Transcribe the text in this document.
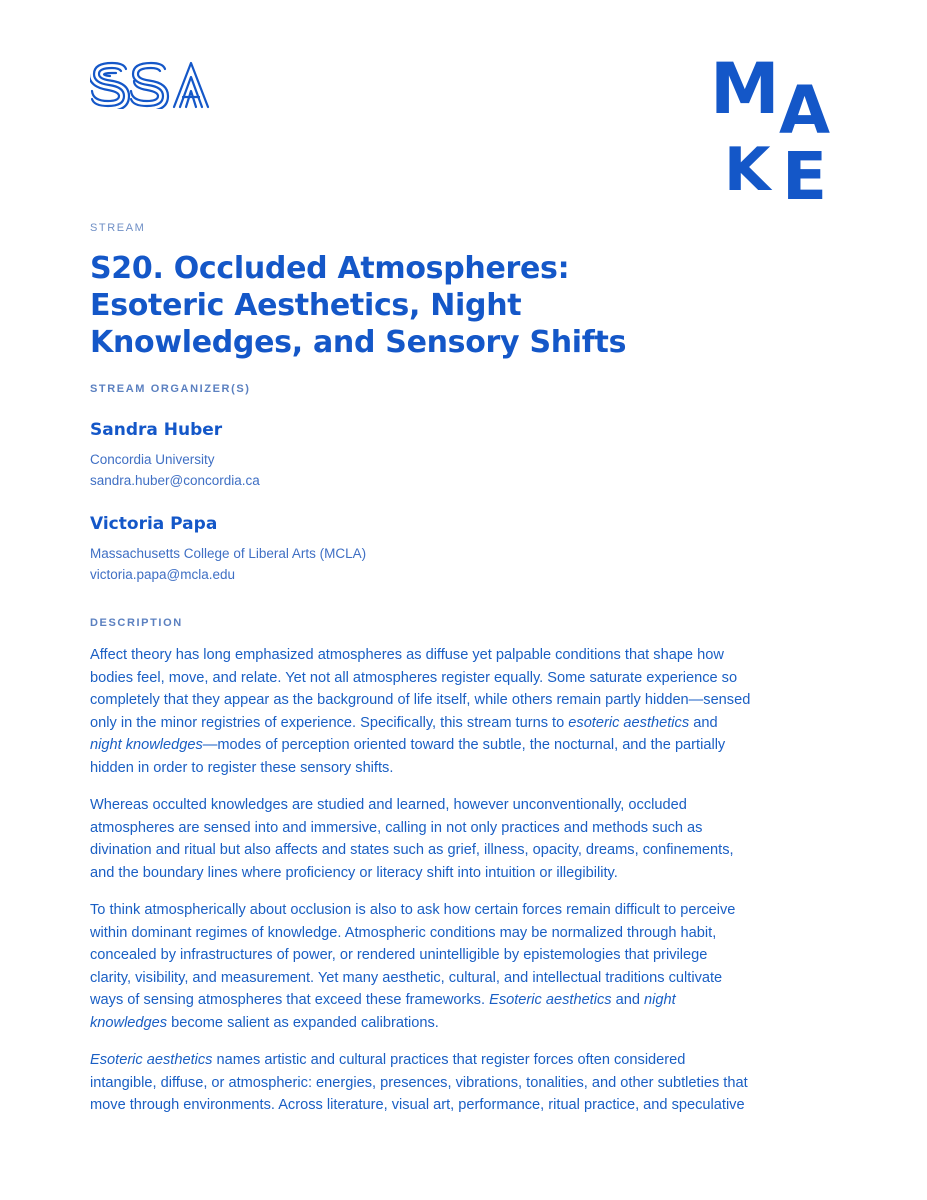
M A
K E
STREAM
S20. Occluded Atmospheres:
Esoteric Aesthetics, Night
Knowledges, and Sensory Shifts
STREAM ORGANIZER(S)
Sandra Huber
Concordia University
sandra.huber@concordia.ca
Victoria Papa
Massachusetts College of Liberal Arts (MCLA)
victoria.papa@mcla.edu
DESCRIPTION

Affect theory has long emphasized atmospheres as diffuse yet palpable conditions that shape how
bodies feel, move, and relate. Yet not all atmospheres register equally. Some saturate experience so
completely that they appear as the background of life itself, while others remain partly hidden—sensed
only in the minor registries of experience. Specifically, this stream turns to esoteric aesthetics and
night knowledges—modes of perception oriented toward the subtle, the nocturnal, and the partially
hidden in order to register these sensory shifts.

Whereas occulted knowledges are studied and learned, however unconventionally, occluded
atmospheres are sensed into and immersive, calling in not only practices and methods such as
divination and ritual but also affects and states such as grief, illness, opacity, dreams, confinements,
and the boundary lines where proficiency or literacy shift into intuition or illegibility.

To think atmospherically about occlusion is also to ask how certain forces remain difficult to perceive
within dominant regimes of knowledge. Atmospheric conditions may be normalized through habit,
concealed by infrastructures of power, or rendered unintelligible by epistemologies that privilege
clarity, visibility, and measurement. Yet many aesthetic, cultural, and intellectual traditions cultivate
ways of sensing atmospheres that exceed these frameworks. Esoteric aesthetics and night
knowledges become salient as expanded calibrations.

Esoteric aesthetics names artistic and cultural practices that register forces often considered
intangible, diffuse, or atmospheric: energies, presences, vibrations, tonalities, and other subtleties that
move through environments. Across literature, visual art, performance, ritual practice, and speculative
